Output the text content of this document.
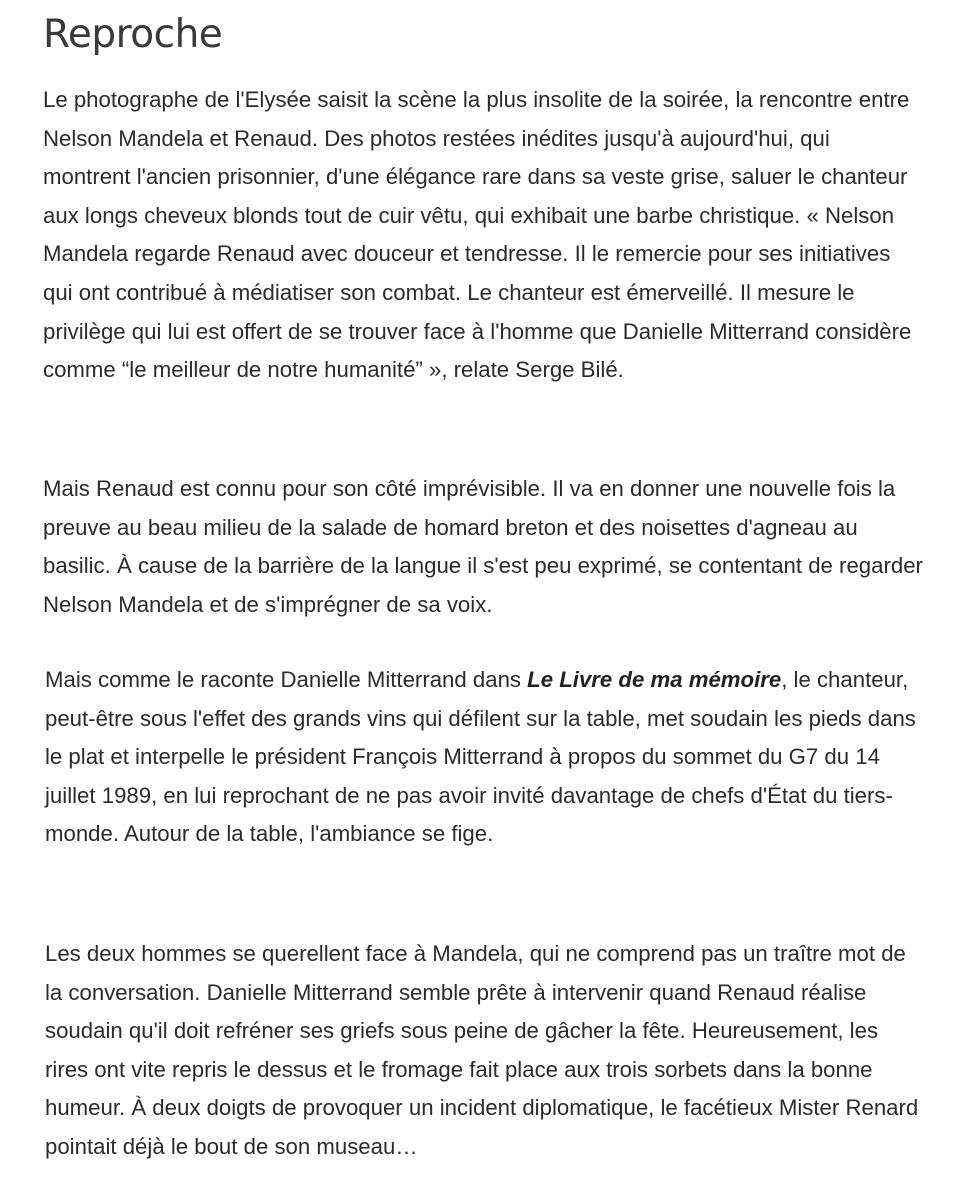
Reproche

Le photographe de l'Elysée saisit la scène la plus insolite de la soirée, la rencontre entre Nelson Mandela et Renaud. Des photos restées inédites jusqu'à aujourd'hui, qui montrent l'ancien prisonnier, d'une élégance rare dans sa veste grise, saluer le chanteur aux longs cheveux blonds tout de cuir vêtu, qui exhibait une barbe christique. « Nelson Mandela regarde Renaud avec douceur et tendresse. Il le remercie pour ses initiatives qui ont contribué à médiatiser son combat. Le chanteur est émerveillé. Il mesure le privilège qui lui est offert de se trouver face à l'homme que Danielle Mitterrand considère comme “le meilleur de notre humanité” », relate Serge Bilé.

Mais Renaud est connu pour son côté imprévisible. Il va en donner une nouvelle fois la preuve au beau milieu de la salade de homard breton et des noisettes d'agneau au basilic. À cause de la barrière de la langue il s'est peu exprimé, se contentant de regarder Nelson Mandela et de s'imprégner de sa voix.

Mais comme le raconte Danielle Mitterrand dans Le Livre de ma mémoire, le chanteur, peut-être sous l'effet des grands vins qui défilent sur la table, met soudain les pieds dans le plat et interpelle le président François Mitterrand à propos du sommet du G7 du 14 juillet 1989, en lui reprochant de ne pas avoir invité davantage de chefs d'État du tiers-monde. Autour de la table, l'ambiance se fige.

Les deux hommes se querellent face à Mandela, qui ne comprend pas un traître mot de la conversation. Danielle Mitterrand semble prête à intervenir quand Renaud réalise soudain qu'il doit refréner ses griefs sous peine de gâcher la fête. Heureusement, les rires ont vite repris le dessus et le fromage fait place aux trois sorbets dans la bonne humeur. À deux doigts de provoquer un incident diplomatique, le facétieux Mister Renard pointait déjà le bout de son museau…
